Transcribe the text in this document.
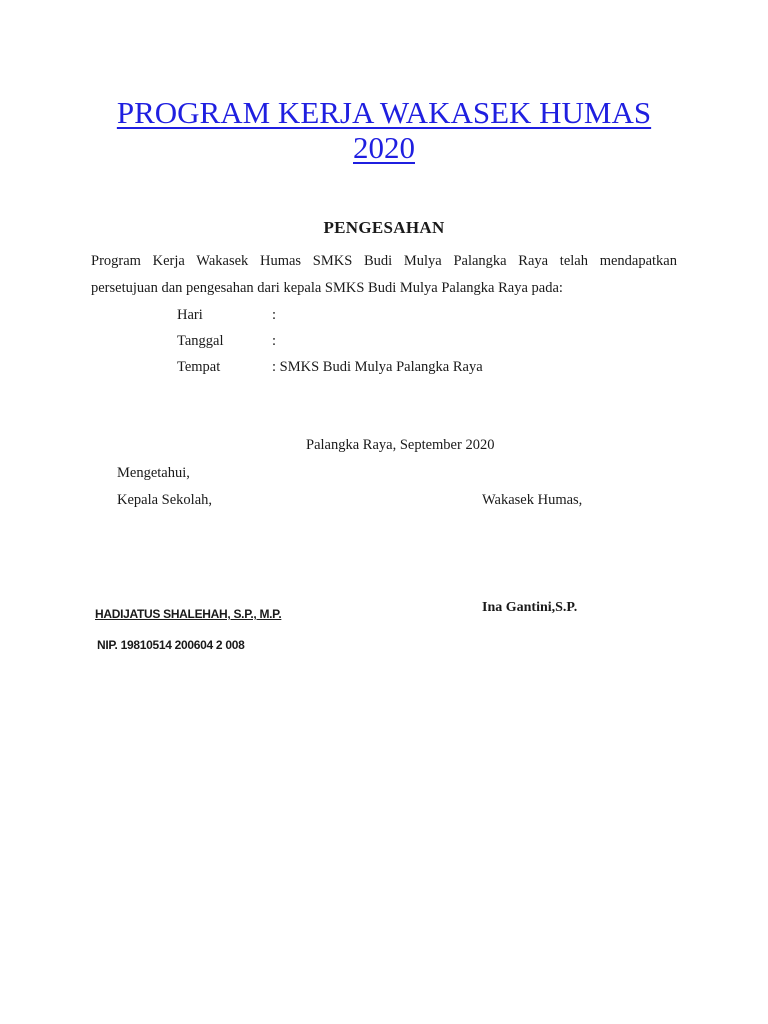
PROGRAM KERJA WAKASEK HUMAS
2020
PENGESAHAN
Program Kerja Wakasek Humas SMKS Budi Mulya Palangka Raya telah mendapatkan
persetujuan dan pengesahan dari kepala SMKS Budi Mulya Palangka Raya pada:
Hari	:
Tanggal	:
Tempat	: SMKS Budi Mulya Palangka Raya
Palangka Raya, September 2020
Mengetahui,
Kepala Sekolah,	Wakasek Humas,
HADIJATUS SHALEHAH, S.P., M.P.
NIP. 19810514 200604 2 008
Ina Gantini,S.P.
